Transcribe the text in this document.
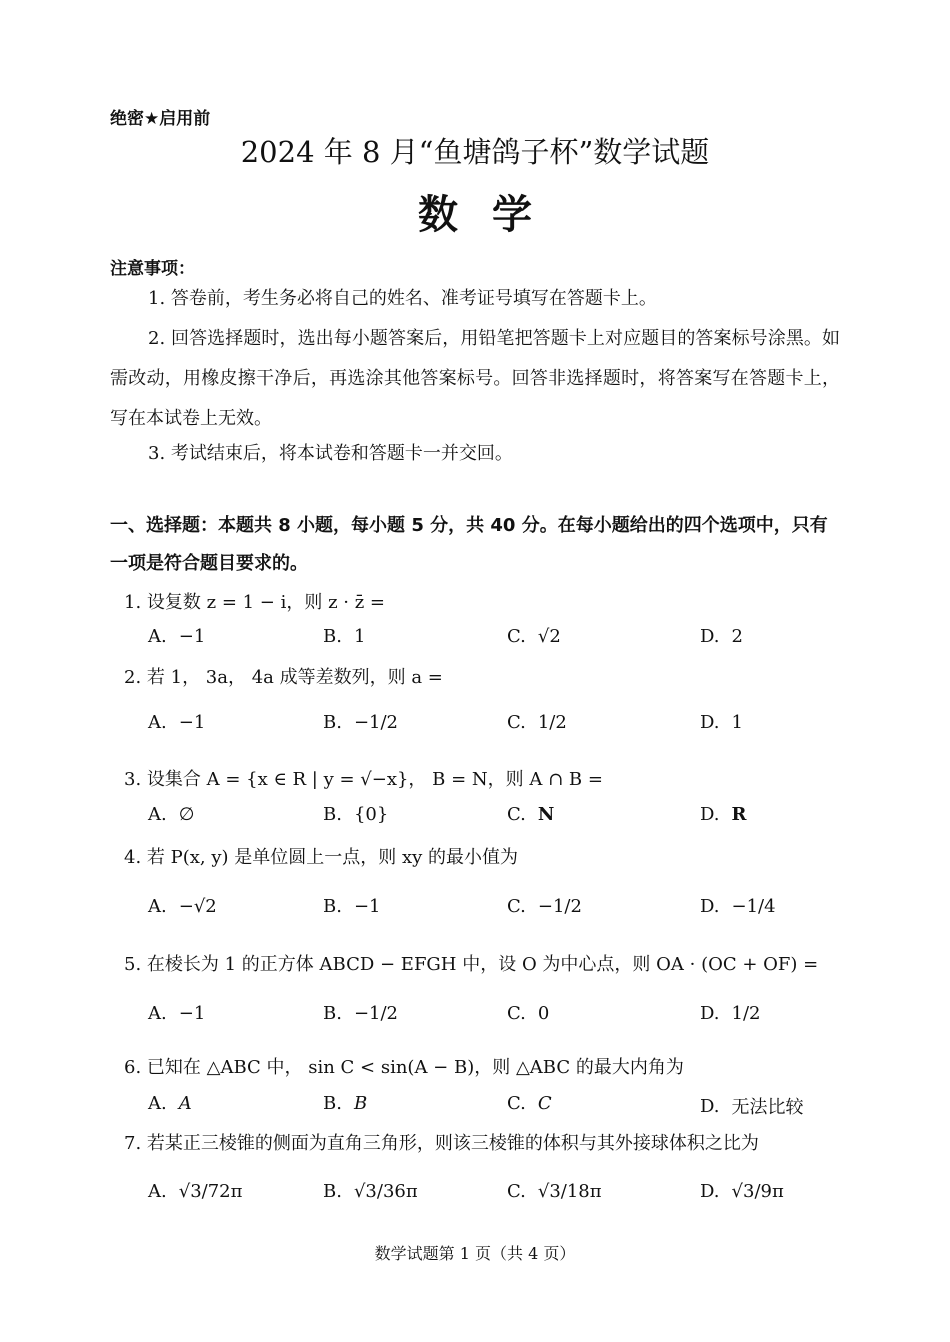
绝密★启用前
2024 年 8 月“鱼塘鸽子杯”数学试题
数学
注意事项：
1. 答卷前，考生务必将自己的姓名、准考证号填写在答题卡上。
2. 回答选择题时，选出每小题答案后，用铅笔把答题卡上对应题目的答案标号涂黑。如需改动，用橡皮擦干净后，再选涂其他答案标号。回答非选择题时，将答案写在答题卡上，写在本试卷上无效。
3. 考试结束后，将本试卷和答题卡一并交回。
一、选择题：本题共 8 小题，每小题 5 分，共 40 分。在每小题给出的四个选项中，只有一项是符合题目要求的。
1. 设复数 z = 1 − i，则 z · z̄ =
A. −1	B. 1	C. √2	D. 2
2. 若 1， 3a， 4a 成等差数列，则 a =
A. −1	B. −1/2	C. 1/2	D. 1
3. 设集合 A = {x ∈ R | y = √−x}， B = N，则 A ∩ B =
A. ∅	B. {0}	C. N	D. R
4. 若 P(x, y) 是单位圆上一点，则 xy 的最小值为
A. −√2	B. −1	C. −1/2	D. −1/4
5. 在棱长为 1 的正方体 ABCD − EFGH 中，设 O 为中心点，则 OA · (OC + OF) =
A. −1	B. −1/2	C. 0	D. 1/2
6. 已知在 △ABC 中， sin C < sin(A − B)，则 △ABC 的最大内角为
A. A	B. B	C. C	D. 无法比较
7. 若某正三棱锥的侧面为直角三角形，则该三棱锥的体积与其外接球体积之比为
A. √3/72π	B. √3/36π	C. √3/18π	D. √3/9π
数学试题第 1 页（共 4 页）
